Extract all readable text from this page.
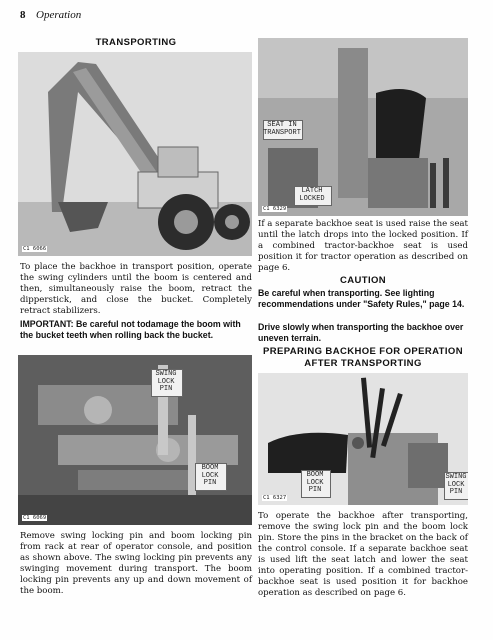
8 Operation
TRANSPORTING
C1 6066
To place the backhoe in transport position, operate the swing cylinders until the boom is centered and then, simultaneously raise the boom, retract the dipperstick, and close the bucket. Completely retract stabilizers.
IMPORTANT: Be careful not todamage the boom with the bucket teeth when rolling back the bucket.
SWING
LOCK
PIN
BOOM
LOCK
PIN
C1 6069
Remove swing locking pin and boom locking pin from rack at rear of operator console, and position as shown above. The swing locking pin prevents any swinging movement during transport. The boom locking pin prevents any up and down movement of the boom.
SEAT IN
TRANSPORT
LATCH
LOCKED
C1 6329
If a separate backhoe seat is used raise the seat until the latch drops into the locked position. If a combined tractor-backhoe seat is used position it for tractor operation as described on page 6.
CAUTION
Be careful when transporting. See lighting recommendations under "Safety Rules," page 14.
Drive slowly when transporting the backhoe over uneven terrain.
PREPARING BACKHOE FOR OPERATION
AFTER TRANSPORTING
BOOM
LOCK
PIN
SWING
LOCK
PIN
C1 6327
To operate the backhoe after transporting, remove the swing lock pin and the boom lock pin. Store the pins in the bracket on the back of the control console. If a separate backhoe seat is used lift the seat latch and lower the seat into operating position. If a combined tractor-backhoe seat is used position it for backhoe operation as described on page 6.
